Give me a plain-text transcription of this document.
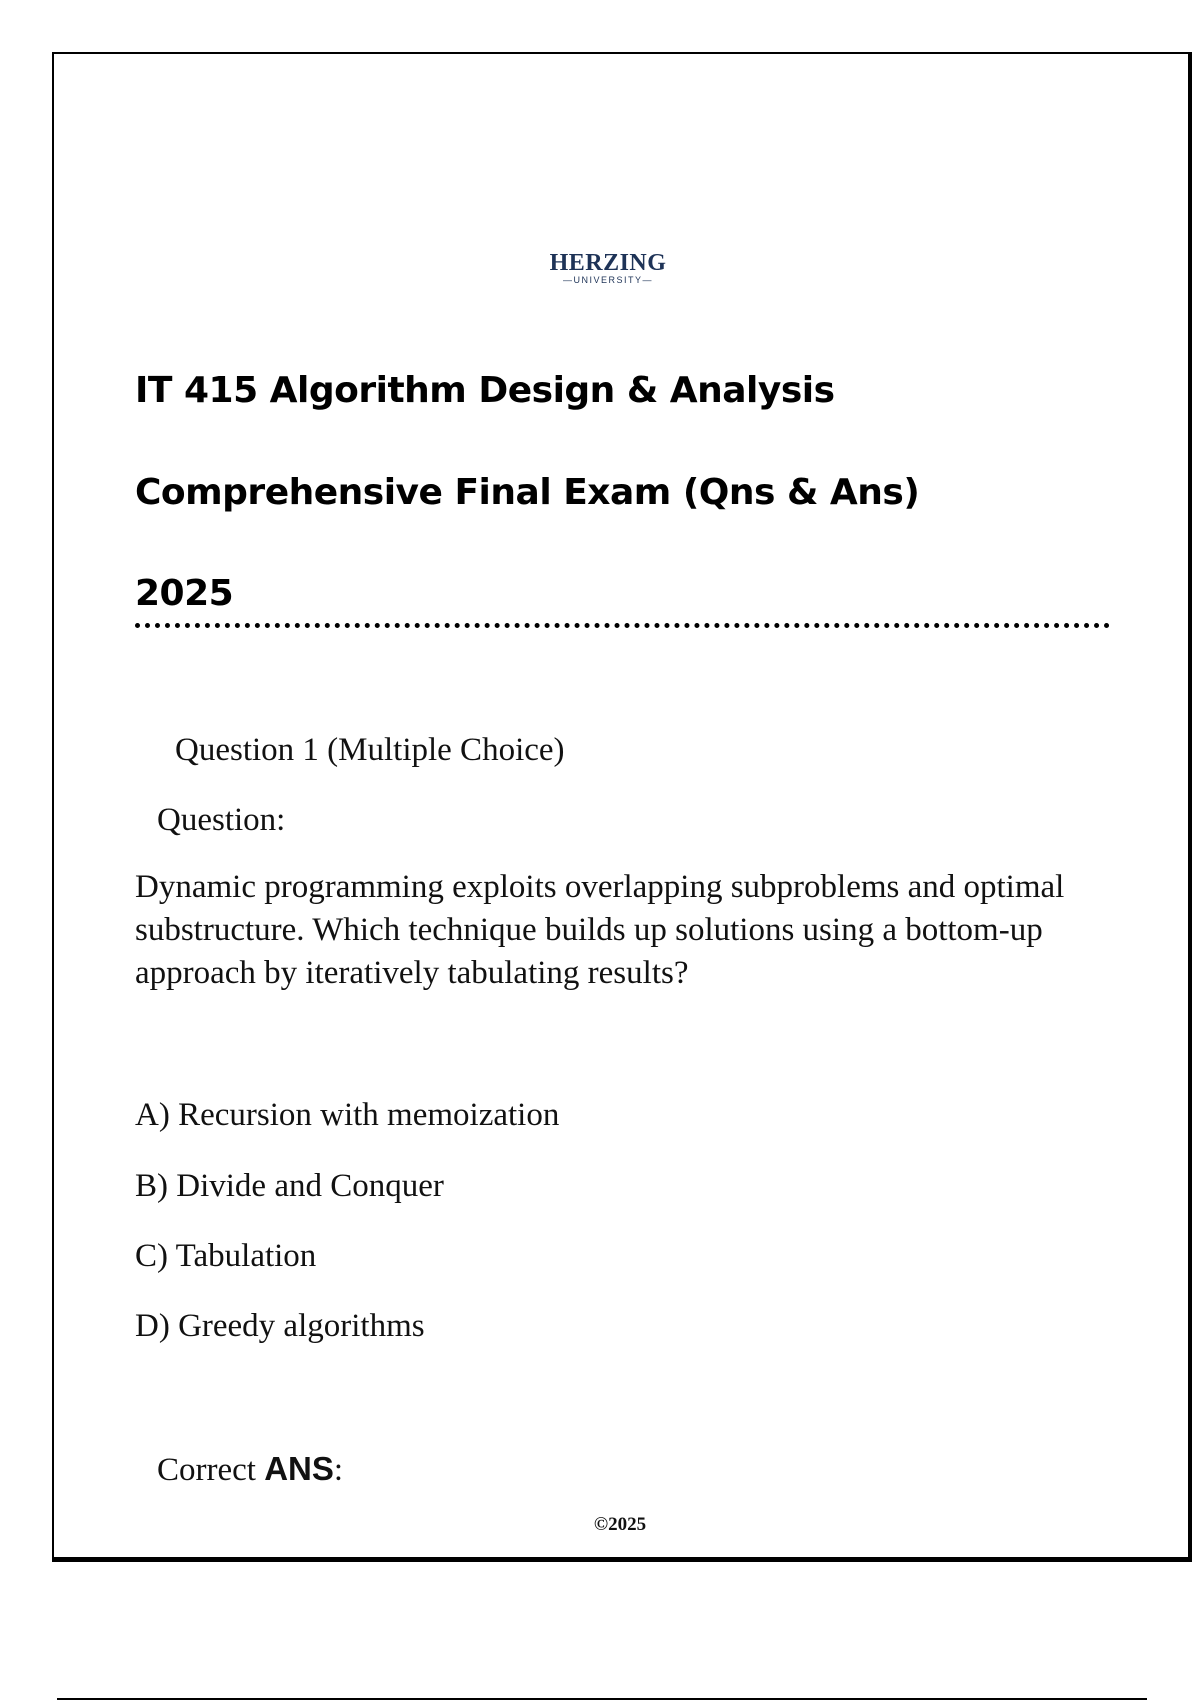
HERZING
—UNIVERSITY—
IT 415 Algorithm Design & Analysis
Comprehensive Final Exam (Qns & Ans)
2025
Question 1 (Multiple Choice)
Question:
Dynamic programming exploits overlapping subproblems and optimal substructure. Which technique builds up solutions using a bottom-up approach by iteratively tabulating results?
A) Recursion with memoization
B) Divide and Conquer
C) Tabulation
D) Greedy algorithms
Correct ANS:
©2025
